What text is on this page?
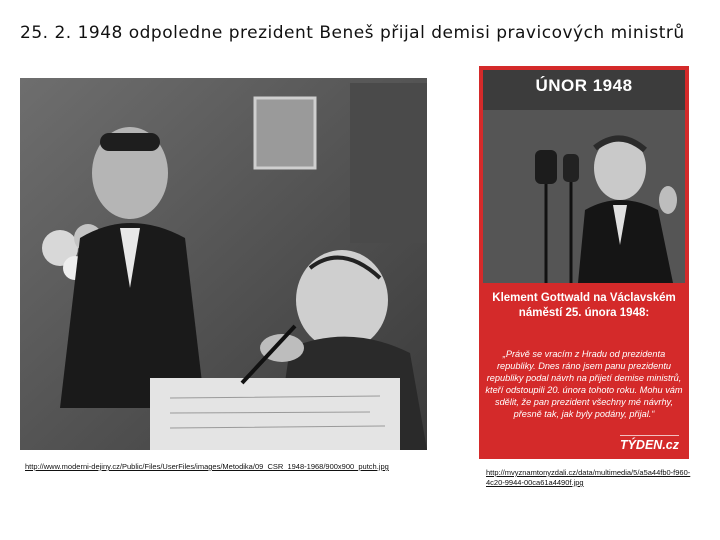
25. 2. 1948 odpoledne prezident Beneš přijal demisi pravicových ministrů
http://www.moderni-dejiny.cz/Public/Files/UserFiles/images/Metodika/09_CSR_1948-1968/900x900_putch.jpg
ÚNOR 1948
Klement Gottwald na Václavském náměstí 25. února 1948:
„Právě se vracím z Hradu od prezidenta republiky. Dnes ráno jsem panu prezidentu republiky podal návrh na přijetí demise ministrů, kteří odstoupili 20. února tohoto roku. Mohu vám sdělit, že pan prezident všechny mé návrhy, přesně tak, jak byly podány, přijal.“
TÝDEN.cz
http://mvyznamtonyzdali.cz/data/multimedia/5/a5a44fb0-f960-4c20-9944-00ca61a4490f.jpg
